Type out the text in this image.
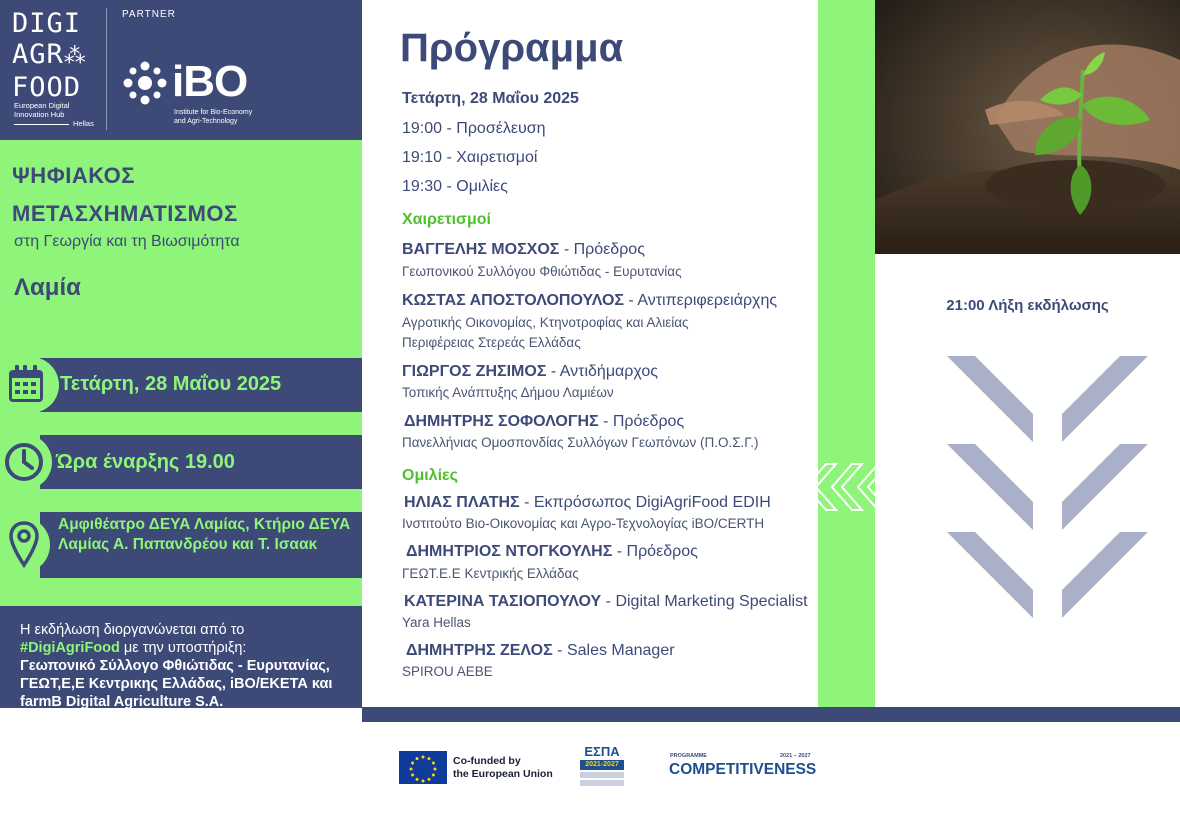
DIGI
AGR⁂
FOOD
European Digital
Innovation Hub
Hellas
PARTNER
iBO
Institute for Bio-Economy
and Agri-Technology
ΨΗΦΙΑΚΟΣ
ΜΕΤΑΣΧΗΜΑΤΙΣΜΟΣ
στη Γεωργία και τη Βιωσιμότητα
Λαμία
Τετάρτη, 28 Μαΐου 2025
Ώρα έναρξης 19.00
Αμφιθέατρο ΔΕΥΑ Λαμίας, Κτήριο ΔΕΥΑ Λαμίας Α. Παπανδρέου και Τ. Ισαακ
Η εκδήλωση διοργανώνεται από το
#DigiAgriFood με την υποστήριξη:
Γεωπονικό Σύλλογο Φθιώτιδας - Ευρυτανίας, ΓΕΩΤ,Ε,Ε Κεντρικης Ελλάδας, iBO/ΕΚΕΤΑ και farmB Digital Agriculture S.A.
Πρόγραμμα
Τετάρτη, 28 Μαΐου 2025
19:00 - Προσέλευση
19:10 - Χαιρετισμοί
19:30 - Ομιλίες
Χαιρετισμοί
ΒΑΓΓΕΛΗΣ ΜΟΣΧΟΣ - Πρόεδρος
Γεωπονικού Συλλόγου Φθιώτιδας - Ευρυτανίας
ΚΩΣΤΑΣ ΑΠΟΣΤΟΛΟΠΟΥΛΟΣ - Αντιπεριφερειάρχης
Αγροτικής Οικονομίας, Κτηνοτροφίας και Αλιείας
Περιφέρειας Στερεάς Ελλάδας
ΓΙΩΡΓΟΣ ΖΗΣΙΜΟΣ - Αντιδήμαρχος
Τοπικής Ανάπτυξης Δήμου Λαμιέων
ΔΗΜΗΤΡΗΣ ΣΟΦΟΛΟΓΗΣ - Πρόεδρος
Πανελλήνιας Ομοσπονδίας Συλλόγων Γεωπόνων (Π.Ο.Σ.Γ.)
Ομιλίες
ΗΛΙΑΣ ΠΛΑΤΗΣ - Εκπρόσωπος DigiAgriFood EDIH
Ινστιτούτο Βιο-Οικονομίας και Αγρο-Τεχνολογίας iBO/CERTH
ΔΗΜΗΤΡΙΟΣ ΝΤΟΓΚΟΥΛΗΣ - Πρόεδρος
ΓΕΩΤ.Ε.Ε Κεντρικής Ελλάδας
ΚΑΤΕΡΙΝΑ ΤΑΣΙΟΠΟΥΛΟΥ - Digital Marketing Specialist
Yara Hellas
ΔΗΜΗΤΡΗΣ ΖΕΛΟΣ - Sales Manager
SPIROU AEBE
21:00 Λήξη εκδήλωσης
Co-funded by
the European Union
ΕΣΠΑ
2021-2027
PROGRAMME	2021 – 2027
COMPETITIVENESS
